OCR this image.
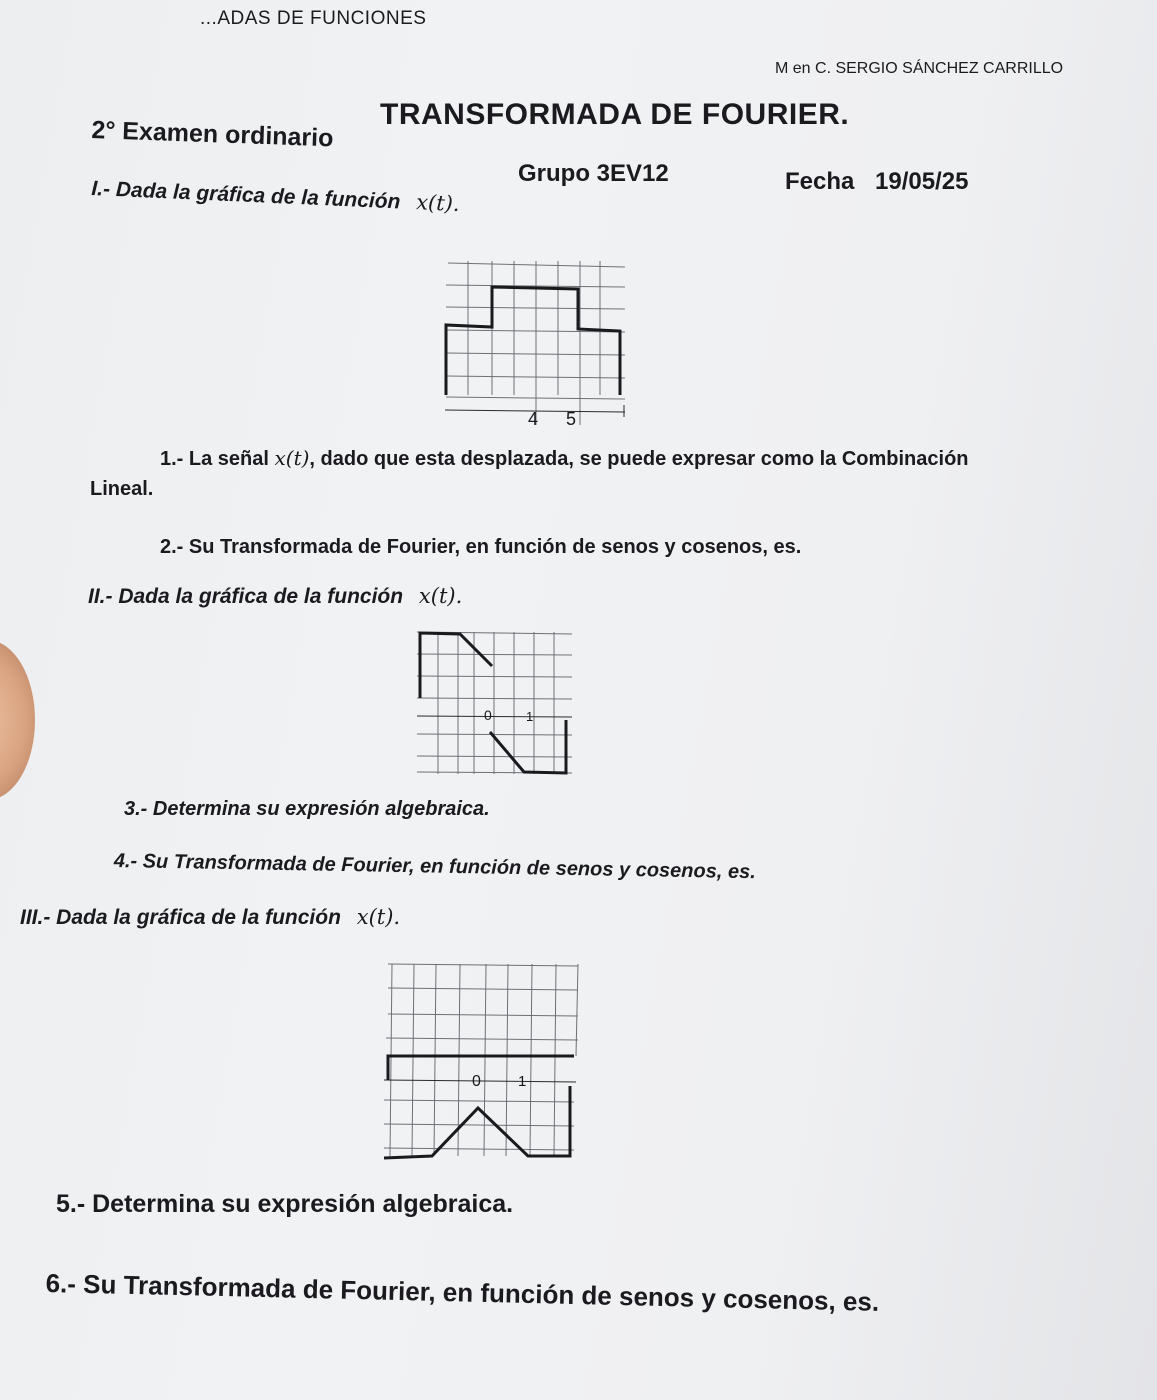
...ADAS DE FUNCIONES
M en C. SERGIO SÁNCHEZ CARRILLO
TRANSFORMADA DE FOURIER.
2° Examen ordinario
Grupo 3EV12	Fecha 19/05/25
I.- Dada la gráfica de la función x(t).
4 5
1.- La señal x(t), dado que esta desplazada, se puede expresar como la Combinación
Lineal.
2.- Su Transformada de Fourier, en función de senos y cosenos, es.
II.- Dada la gráfica de la función x(t).
0	1
3.- Determina su expresión algebraica.
4.- Su Transformada de Fourier, en función de senos y cosenos, es.
III.- Dada la gráfica de la función x(t).
0 1
5.- Determina su expresión algebraica.
6.- Su Transformada de Fourier, en función de senos y cosenos, es.
